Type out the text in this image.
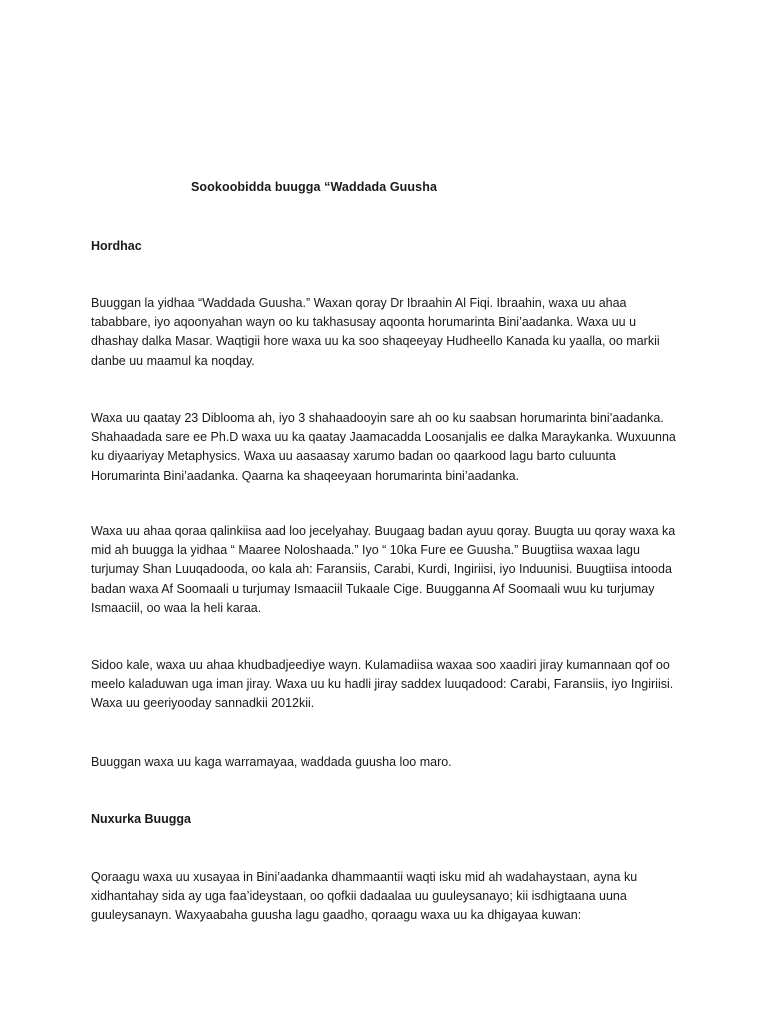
Sookoobidda buugga “Waddada Guusha
Hordhac
Buuggan la yidhaa “Waddada Guusha.” Waxan qoray Dr Ibraahin Al Fiqi. Ibraahin, waxa uu ahaa
tababbare, iyo aqoonyahan wayn oo ku takhasusay aqoonta horumarinta Bini’aadanka. Waxa uu u
dhashay dalka Masar. Waqtigii hore waxa uu ka soo shaqeeyay Hudheello Kanada ku yaalla, oo markii
danbe uu maamul ka noqday.
Waxa uu qaatay 23 Diblooma ah, iyo 3 shahaadooyin sare ah oo ku saabsan horumarinta bini’aadanka.
Shahaadada sare ee Ph.D waxa uu ka qaatay Jaamacadda Loosanjalis ee dalka Maraykanka. Wuxuunna
ku diyaariyay Metaphysics. Waxa uu aasaasay xarumo badan oo qaarkood lagu barto culuunta
Horumarinta Bini’aadanka. Qaarna ka shaqeeyaan horumarinta bini’aadanka.
Waxa uu ahaa qoraa qalinkiisa aad loo jecelyahay. Buugaag badan ayuu qoray. Buugta uu qoray waxa ka
mid ah buugga la yidhaa “ Maaree Noloshaada.” Iyo “ 10ka Fure ee Guusha.” Buugtiisa waxaa lagu
turjumay Shan Luuqadooda, oo kala ah: Faransiis, Carabi, Kurdi, Ingiriisi, iyo Induunisi. Buugtiisa intooda
badan waxa Af Soomaali u turjumay Ismaaciil Tukaale Cige. Buugganna Af Soomaali wuu ku turjumay
Ismaaciil, oo waa la heli karaa.
Sidoo kale, waxa uu ahaa khudbadjeediye wayn. Kulamadiisa waxaa soo xaadiri jiray kumannaan qof oo
meelo kaladuwan uga iman jiray. Waxa uu ku hadli jiray saddex luuqadood: Carabi, Faransiis, iyo Ingiriisi.
Waxa uu geeriyooday sannadkii 2012kii.
Buuggan waxa uu kaga warramayaa, waddada guusha loo maro.
Nuxurka Buugga
Qoraagu waxa uu xusayaa in Bini’aadanka dhammaantii waqti isku mid ah wadahaystaan, ayna ku
xidhantahay sida ay uga faa’ideystaan, oo qofkii dadaalaa uu guuleysanayo; kii isdhigtaana uuna
guuleysanayn. Waxyaabaha guusha lagu gaadho, qoraagu waxa uu ka dhigayaa kuwan:
